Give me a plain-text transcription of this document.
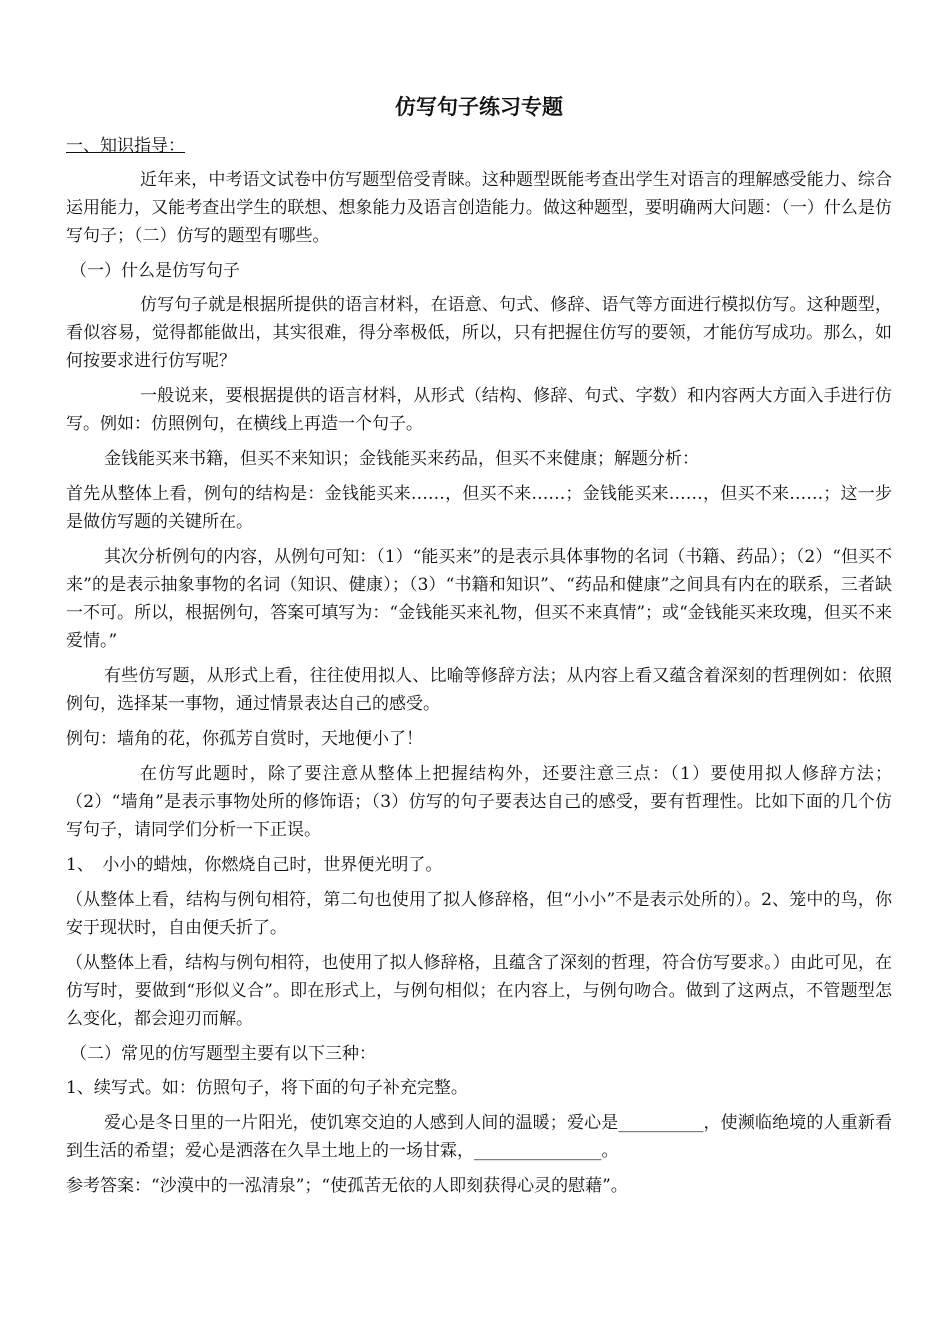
仿写句子练习专题
一、知识指导：

近年来，中考语文试卷中仿写题型倍受青睐。这种题型既能考查出学生对语言的理解感受能力、综合运用能力，又能考查出学生的联想、想象能力及语言创造能力。做这种题型，要明确两大问题：（一）什么是仿写句子；（二）仿写的题型有哪些。

（一）什么是仿写句子

仿写句子就是根据所提供的语言材料，在语意、句式、修辞、语气等方面进行模拟仿写。这种题型，看似容易，觉得都能做出，其实很难，得分率极低，所以，只有把握住仿写的要领，才能仿写成功。那么，如何按要求进行仿写呢？

一般说来，要根据提供的语言材料，从形式（结构、修辞、句式、字数）和内容两大方面入手进行仿写。例如：仿照例句，在横线上再造一个句子。

金钱能买来书籍，但买不来知识；金钱能买来药品，但买不来健康；解题分析：

首先从整体上看，例句的结构是：金钱能买来……，但买不来……；金钱能买来……，但买不来……；这一步是做仿写题的关键所在。

其次分析例句的内容，从例句可知：（1）“能买来”的是表示具体事物的名词（书籍、药品）；（2）“但买不来”的是表示抽象事物的名词（知识、健康）；（3）“书籍和知识”、“药品和健康”之间具有内在的联系，三者缺一不可。所以，根据例句，答案可填写为：“金钱能买来礼物，但买不来真情”；或“金钱能买来玫瑰，但买不来爱情。”

有些仿写题，从形式上看，往往使用拟人、比喻等修辞方法；从内容上看又蕴含着深刻的哲理例如：依照例句，选择某一事物，通过情景表达自己的感受。

例句：墙角的花，你孤芳自赏时，天地便小了！

在仿写此题时，除了要注意从整体上把握结构外，还要注意三点：（1）要使用拟人修辞方法；（2）“墙角”是表示事物处所的修饰语；（3）仿写的句子要表达自己的感受，要有哲理性。比如下面的几个仿写句子，请同学们分析一下正误。

1、　小小的蜡烛，你燃烧自己时，世界便光明了。

（从整体上看，结构与例句相符，第二句也使用了拟人修辞格，但“小小”不是表示处所的）。2、笼中的鸟，你安于现状时，自由便夭折了。

（从整体上看，结构与例句相符，也使用了拟人修辞格，且蕴含了深刻的哲理，符合仿写要求。）由此可见，在仿写时，要做到“形似义合”。即在形式上，与例句相似；在内容上，与例句吻合。做到了这两点，不管题型怎么变化，都会迎刃而解。

（二）常见的仿写题型主要有以下三种：

1、续写式。如：仿照句子，将下面的句子补充完整。

爱心是冬日里的一片阳光，使饥寒交迫的人感到人间的温暖；爱心是__________，使濒临绝境的人重新看到生活的希望；爱心是洒落在久旱土地上的一场甘霖，_______________。

参考答案：“沙漠中的一泓清泉”；“使孤苦无依的人即刻获得心灵的慰藉”。
